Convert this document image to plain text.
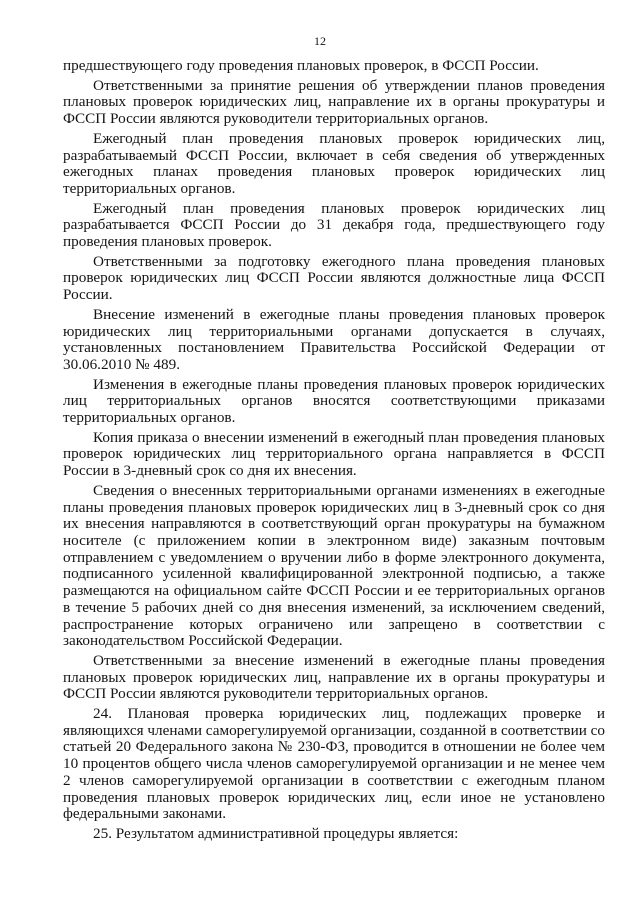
12

предшествующего году проведения плановых проверок, в ФССП России.

Ответственными за принятие решения об утверждении планов проведения плановых проверок юридических лиц, направление их в органы прокуратуры и ФССП России являются руководители территориальных органов.

Ежегодный план проведения плановых проверок юридических лиц, разрабатываемый ФССП России, включает в себя сведения об утвержденных ежегодных планах проведения плановых проверок юридических лиц территориальных органов.

Ежегодный план проведения плановых проверок юридических лиц разрабатывается ФССП России до 31 декабря года, предшествующего году проведения плановых проверок.

Ответственными за подготовку ежегодного плана проведения плановых проверок юридических лиц ФССП России являются должностные лица ФССП России.

Внесение изменений в ежегодные планы проведения плановых проверок юридических лиц территориальными органами допускается в случаях, установленных постановлением Правительства Российской Федерации от 30.06.2010 № 489.

Изменения в ежегодные планы проведения плановых проверок юридических лиц территориальных органов вносятся соответствующими приказами территориальных органов.

Копия приказа о внесении изменений в ежегодный план проведения плановых проверок юридических лиц территориального органа направляется в ФССП России в 3-дневный срок со дня их внесения.

Сведения о внесенных территориальными органами изменениях в ежегодные планы проведения плановых проверок юридических лиц в 3-дневный срок со дня их внесения направляются в соответствующий орган прокуратуры на бумажном носителе (с приложением копии в электронном виде) заказным почтовым отправлением с уведомлением о вручении либо в форме электронного документа, подписанного усиленной квалифицированной электронной подписью, а также размещаются на официальном сайте ФССП России и ее территориальных органов в течение 5 рабочих дней со дня внесения изменений, за исключением сведений, распространение которых ограничено или запрещено в соответствии с законодательством Российской Федерации.

Ответственными за внесение изменений в ежегодные планы проведения плановых проверок юридических лиц, направление их в органы прокуратуры и ФССП России являются руководители территориальных органов.

24. Плановая проверка юридических лиц, подлежащих проверке и являющихся членами саморегулируемой организации, созданной в соответствии со статьей 20 Федерального закона № 230-ФЗ, проводится в отношении не более чем 10 процентов общего числа членов саморегулируемой организации и не менее чем 2 членов саморегулируемой организации в соответствии с ежегодным планом проведения плановых проверок юридических лиц, если иное не установлено федеральными законами.

25. Результатом административной процедуры является:
